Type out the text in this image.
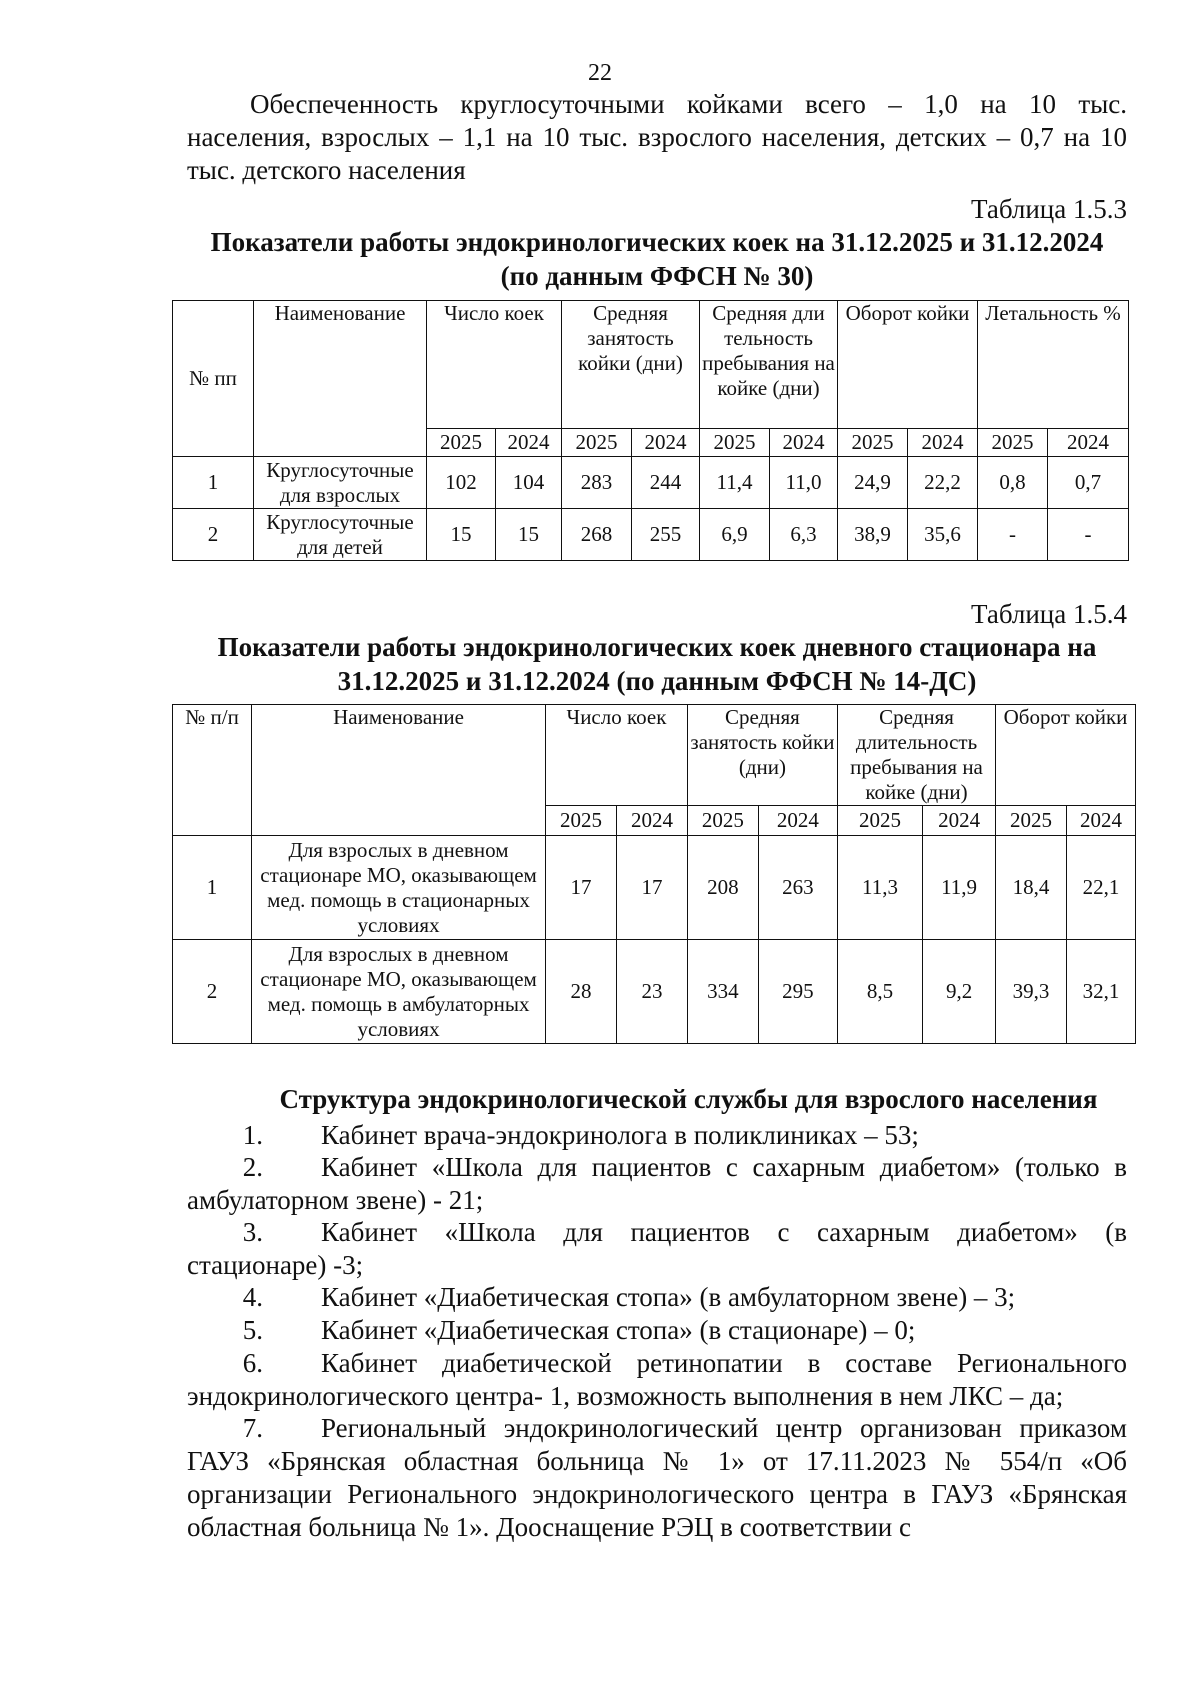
22
Обеспеченность круглосуточными койками всего – 1,0 на 10 тыс. населения, взрослых – 1,1 на 10 тыс. взрослого населения, детских – 0,7 на 10 тыс. детского населения
Таблица 1.5.3
Показатели работы эндокринологических коек на 31.12.2025 и 31.12.2024
(по данным ФФСН № 30)
№ пп	Наименование	Число коек		Средняя занятость койки (дни)		Средняя дли тельность пребывания на койке (дни)		Оборот койки		Летальность %	
		2025	2024	2025	2024	2025	2024	2025	2024	2025	2024
1	Круглосуточные для взрослых	102	104	283	244	11,4	11,0	24,9	22,2	0,8	0,7
2	Круглосуточные для детей	15	15	268	255	6,9	6,3	38,9	35,6	-	-
Таблица 1.5.4
Показатели работы эндокринологических коек дневного стационара на
31.12.2025 и 31.12.2024 (по данным ФФСН № 14-ДС)
№ п/п	Наименование	Число коек		Средняя занятость койки (дни)		Средняя длительность пребывания на койке (дни)		Оборот койки	
		2025	2024	2025	2024	2025	2024	2025	2024
1	Для взрослых в дневном стационаре МО, оказывающем мед. помощь в стационарных условиях	17	17	208	263	11,3	11,9	18,4	22,1
2	Для взрослых в дневном стационаре МО, оказывающем мед. помощь в амбулаторных условиях	28	23	334	295	8,5	9,2	39,3	32,1
Структура эндокринологической службы для взрослого населения
1. Кабинет врача-эндокринолога в поликлиниках – 53;
2. Кабинет «Школа для пациентов с сахарным диабетом» (только в амбулаторном звене) - 21;
3. Кабинет «Школа для пациентов с сахарным диабетом» (в стационаре) -3;
4. Кабинет «Диабетическая стопа» (в амбулаторном звене) – 3;
5. Кабинет «Диабетическая стопа» (в стационаре) – 0;
6. Кабинет диабетической ретинопатии в составе Регионального эндокринологического центра- 1, возможность выполнения в нем ЛКС – да;
7. Региональный эндокринологический центр организован приказом ГАУЗ «Брянская областная больница № 1» от 17.11.2023 № 554/п «Об организации Регионального эндокринологического центра в ГАУЗ «Брянская областная больница № 1». Дооснащение РЭЦ в соответствии с
